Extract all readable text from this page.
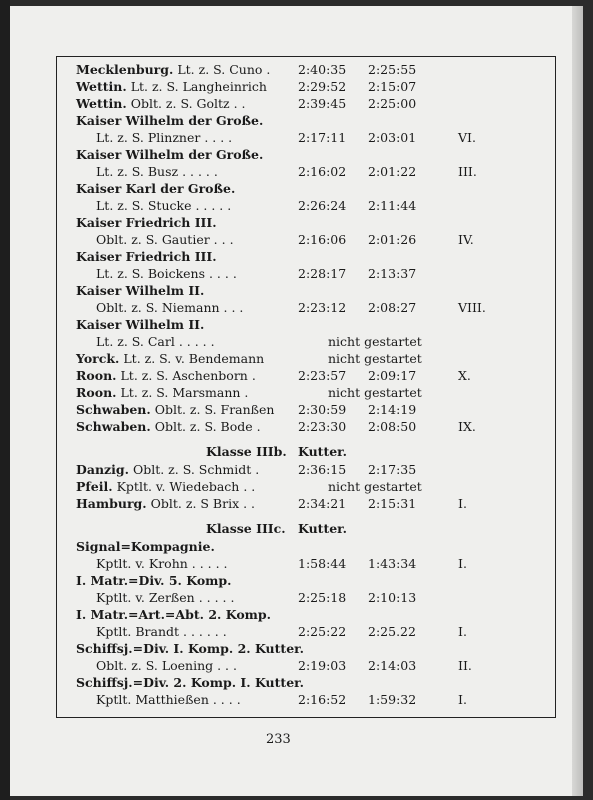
Mecklenburg. Lt. z. S. Cuno . 2:40:35 2:25:55
Wettin. Lt. z. S. Langheinrich 2:29:52 2:15:07
Wettin. Oblt. z. S. Goltz . .	2:39:45 2:25:00
Kaiser Wilhelm der Große.
Lt. z. S. Plinzner . . . .	2:17:11 2:03:01	VI.
Kaiser Wilhelm der Große.
Lt. z. S. Busz . . . . .	2:16:02 2:01:22	III.
Kaiser Karl der Große.
Lt. z. S. Stucke . . . . .	2:26:24 2:11:44
Kaiser Friedrich III.
Oblt. z. S. Gautier . . .	2:16:06 2:01:26	IV.
Kaiser Friedrich III.
Lt. z. S. Boickens . . . .	2:28:17 2:13:37
Kaiser Wilhelm II.
Oblt. z. S. Niemann . . .	2:23:12 2:08:27	VIII.
Kaiser Wilhelm II.
Lt. z. S. Carl . . . . .	nicht gestartet
Yorck. Lt. z. S. v. Bendemann	nicht gestartet
Roon. Lt. z. S. Aschenborn .	2:23:57 2:09:17	X.
Roon. Lt. z. S. Marsmann .	nicht gestartet
Schwaben. Oblt. z. S. Franßen 2:30:59 2:14:19
Schwaben. Oblt. z. S. Bode .	2:23:30 2:08:50	IX.
Klasse IIIb. Kutter.
Danzig. Oblt. z. S. Schmidt .	2:36:15 2:17:35
Pfeil. Kptlt. v. Wiedebach . .	nicht gestartet
Hamburg. Oblt. z. S Brix . .	2:34:21 2:15:31	I.
Klasse IIIc. Kutter.
Signal=Kompagnie.
Kptlt. v. Krohn . . . . .	1:58:44 1:43:34	I.
I. Matr.=Div. 5. Komp.
Kptlt. v. Zerßen . . . . .	2:25:18 2:10:13
I. Matr.=Art.=Abt. 2. Komp.
Kptlt. Brandt . . . . . .	2:25:22 2:25.22	I.
Schiffsj.=Div. I. Komp. 2. Kutter.
Oblt. z. S. Loening . . .	2:19:03 2:14:03	II.
Schiffsj.=Div. 2. Komp. I. Kutter.
Kptlt. Matthießen . . . .	2:16:52 1:59:32	I.
233
